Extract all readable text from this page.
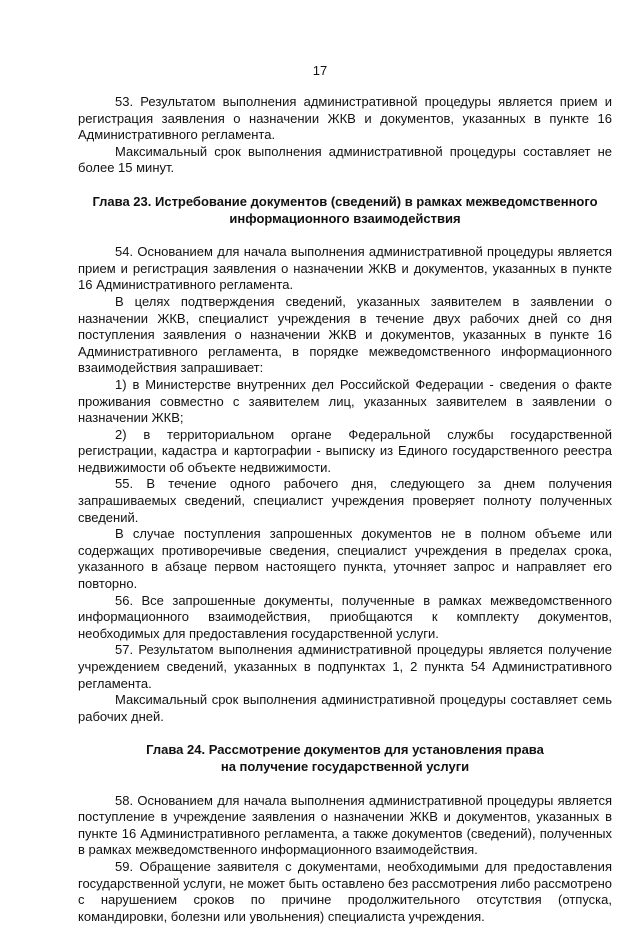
17

53. Результатом выполнения административной процедуры является прием и регистрация заявления о назначении ЖКВ и документов, указанных в пункте 16 Административного регламента.

Максимальный срок выполнения административной процедуры составляет не более 15 минут.

Глава 23. Истребование документов (сведений) в рамках межведомственного информационного взаимодействия

54. Основанием для начала выполнения административной процедуры является прием и регистрация заявления о назначении ЖКВ и документов, указанных в пункте 16 Административного регламента.

В целях подтверждения сведений, указанных заявителем в заявлении о назначении ЖКВ, специалист учреждения в течение двух рабочих дней со дня поступления заявления о назначении ЖКВ и документов, указанных в пункте 16 Административного регламента, в порядке межведомственного информационного взаимодействия запрашивает:

1) в Министерстве внутренних дел Российской Федерации - сведения о факте проживания совместно с заявителем лиц, указанных заявителем в заявлении о назначении ЖКВ;

2) в территориальном органе Федеральной службы государственной регистрации, кадастра и картографии - выписку из Единого государственного реестра недвижимости об объекте недвижимости.

55. В течение одного рабочего дня, следующего за днем получения запрашиваемых сведений, специалист учреждения проверяет полноту полученных сведений.

В случае поступления запрошенных документов не в полном объеме или содержащих противоречивые сведения, специалист учреждения в пределах срока, указанного в абзаце первом настоящего пункта, уточняет запрос и направляет его повторно.

56. Все запрошенные документы, полученные в рамках межведомственного информационного взаимодействия, приобщаются к комплекту документов, необходимых для предоставления государственной услуги.

57. Результатом выполнения административной процедуры является получение учреждением сведений, указанных в подпунктах 1, 2 пункта 54 Административного регламента.

Максимальный срок выполнения административной процедуры составляет семь рабочих дней.

Глава 24. Рассмотрение документов для установления права на получение государственной услуги

58. Основанием для начала выполнения административной процедуры является поступление в учреждение заявления о назначении ЖКВ и документов, указанных в пункте 16 Административного регламента, а также документов (сведений), полученных в рамках межведомственного информационного взаимодействия.

59. Обращение заявителя с документами, необходимыми для предоставления государственной услуги, не может быть оставлено без рассмотрения либо рассмотрено с нарушением сроков по причине продолжительного отсутствия (отпуска, командировки, болезни или увольнения) специалиста учреждения.
